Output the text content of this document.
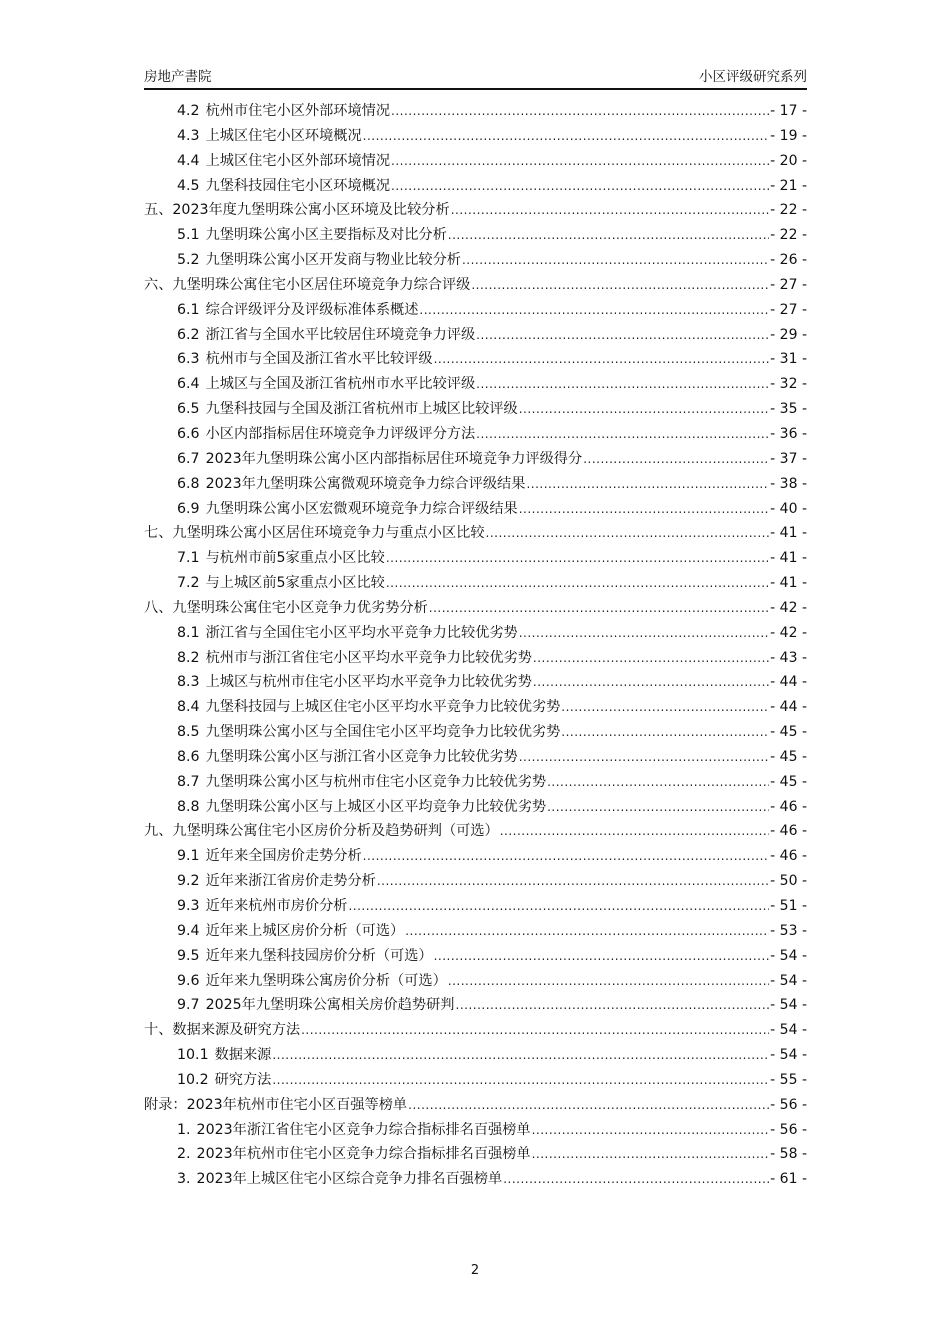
房地产書院	小区评级研究系列
4.2 杭州市住宅小区外部环境情况 .....	- 17 -
4.3 上城区住宅小区环境概况 .....	- 19 -
4.4 上城区住宅小区外部环境情况 .....	- 20 -
4.5 九堡科技园住宅小区环境概况 .....	- 21 -
五、 2023年度九堡明珠公寓小区环境及比较分析 .....	- 22 -
5.1 九堡明珠公寓小区主要指标及对比分析 .....	- 22 -
5.2 九堡明珠公寓小区开发商与物业比较分析 .....	- 26 -
六、 九堡明珠公寓住宅小区居住环境竞争力综合评级 .....	- 27 -
6.1 综合评级评分及评级标准体系概述 .....	- 27 -
6.2 浙江省与全国水平比较居住环境竞争力评级 .....	- 29 -
6.3 杭州市与全国及浙江省水平比较评级 .....	- 31 -
6.4 上城区与全国及浙江省杭州市水平比较评级 .....	- 32 -
6.5 九堡科技园与全国及浙江省杭州市上城区比较评级 .....	- 35 -
6.6 小区内部指标居住环境竞争力评级评分方法 .....	- 36 -
6.7 2023年九堡明珠公寓小区内部指标居住环境竞争力评级得分 .....	- 37 -
6.8 2023年九堡明珠公寓微观环境竞争力综合评级结果 .....	- 38 -
6.9 九堡明珠公寓小区宏微观环境竞争力综合评级结果 .....	- 40 -
七、 九堡明珠公寓小区居住环境竞争力与重点小区比较 .....	- 41 -
7.1 与杭州市前5家重点小区比较 .....	- 41 -
7.2 与上城区前5家重点小区比较 .....	- 41 -
八、 九堡明珠公寓住宅小区竞争力优劣势分析 .....	- 42 -
8.1 浙江省与全国住宅小区平均水平竞争力比较优劣势 .....	- 42 -
8.2 杭州市与浙江省住宅小区平均水平竞争力比较优劣势 .....	- 43 -
8.3 上城区与杭州市住宅小区平均水平竞争力比较优劣势 .....	- 44 -
8.4 九堡科技园与上城区住宅小区平均水平竞争力比较优劣势 .....	- 44 -
8.5 九堡明珠公寓小区与全国住宅小区平均竞争力比较优劣势 .....	- 45 -
8.6 九堡明珠公寓小区与浙江省小区竞争力比较优劣势 .....	- 45 -
8.7 九堡明珠公寓小区与杭州市住宅小区竞争力比较优劣势 .....	- 45 -
8.8 九堡明珠公寓小区与上城区小区平均竞争力比较优劣势 .....	- 46 -
九、 九堡明珠公寓住宅小区房价分析及趋势研判（可选） .....	- 46 -
9.1 近年来全国房价走势分析 .....	- 46 -
9.2 近年来浙江省房价走势分析 .....	- 50 -
9.3 近年来杭州市房价分析 .....	- 51 -
9.4 近年来上城区房价分析（可选） .....	- 53 -
9.5 近年来九堡科技园房价分析（可选） .....	- 54 -
9.6 近年来九堡明珠公寓房价分析（可选） .....	- 54 -
9.7 2025年九堡明珠公寓相关房价趋势研判 .....	- 54 -
十、 数据来源及研究方法 .....	- 54 -
10.1 数据来源 .....	- 54 -
10.2 研究方法 .....	- 55 -
附录： 2023年杭州市住宅小区百强等榜单 .....	- 56 -
1. 2023年浙江省住宅小区竞争力综合指标排名百强榜单 .....	- 56 -
2. 2023年杭州市住宅小区竞争力综合指标排名百强榜单 .....	- 58 -
3. 2023年上城区住宅小区综合竞争力排名百强榜单 .....	- 61 -
2
